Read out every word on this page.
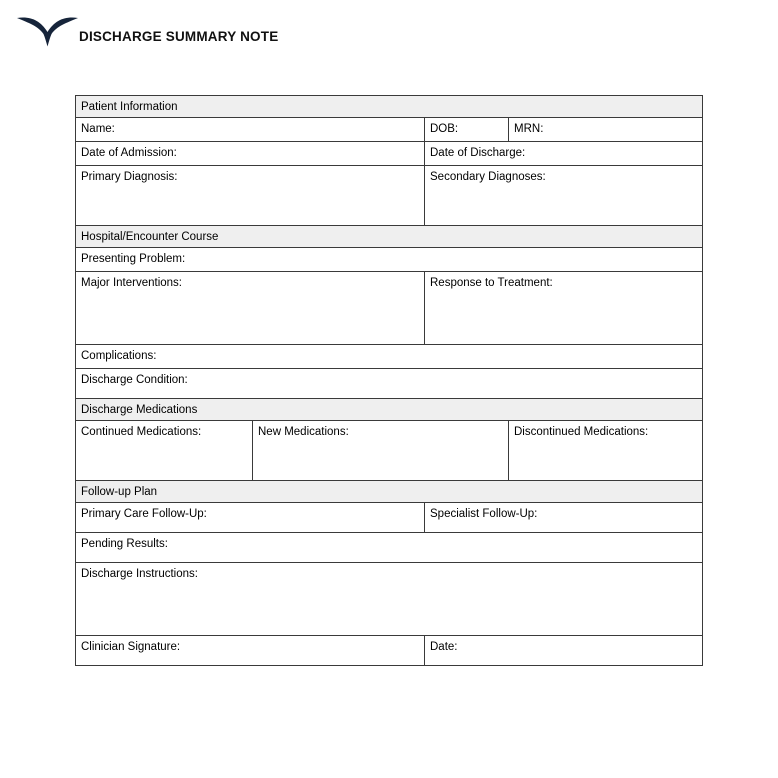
DISCHARGE SUMMARY NOTE
Patient Information			

Name:		DOB:	MRN:

Date of Admission:		Date of Discharge:	

Primary Diagnosis:		Secondary Diagnoses:	

Hospital/Encounter Course			

Presenting Problem:			

Major Interventions:		Response to Treatment:	

Complications:			

Discharge Condition:			

Discharge Medications			

Continued Medications:	New Medications:		Discontinued Medications:

Follow-up Plan			

Primary Care Follow-Up:		Specialist Follow-Up:	

Pending Results:			

Discharge Instructions:			

Clinician Signature:		Date:	
